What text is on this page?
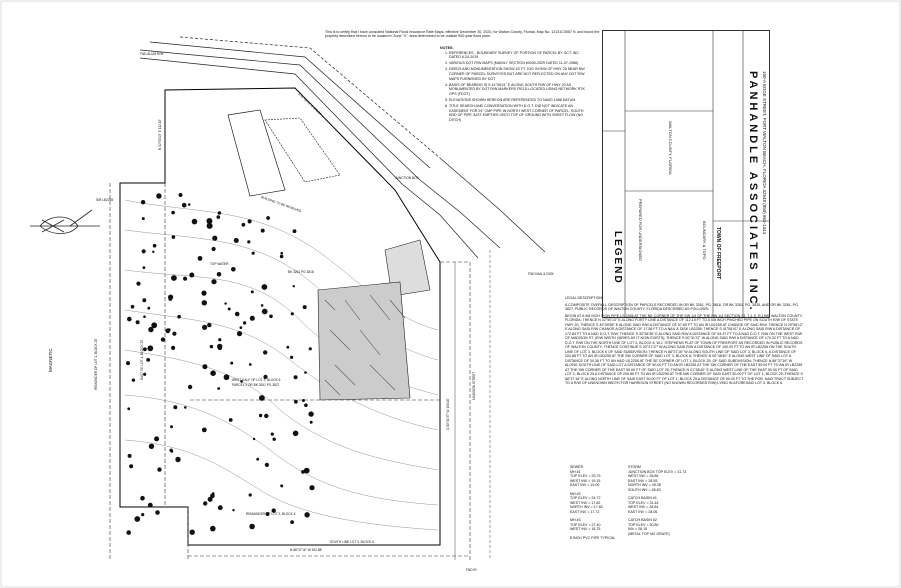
MAGNETIC
FND ALUM R/W
S 41°08'41" E 172.84'
N 02°50'13" E 112.15'
REMAINDER OF LOT 1, BLOCK 25	EAST 50' LOT 1, BLOCK 25
BK 3261 PG 3818
WEST HALF OF LOT 3, BLOCK 6
PARCEL 2 OR BK 3261 PG 3827
REMAINDER OF LOT 2, BLOCK 6
SOUTH LINE LOT 3, BLOCK 6
N 88°37'16" W 202.88'
S 00°31'37" W 190.00'
MADISON STREET
BUILDING TO BE REMOVED
JUNCTION BOX
TOP WATER
FND NAIL & DISK
FND IR
SIR LB2255
This is to certify that I have consulted National Flood Insurance Rate Maps, effective December 30, 2020, for Walton County, Florida, Map No. 12131C0557 H, and found the property described hereon to be located in Zone "X", area determined to be outside 500-year flood plain.
NOTES:
1. REFERENCES - BOUNDARY SURVEY OF PORTION OF PARCEL BY GCT, INC DATED 6-20-2019
2. VARIOUS DOT R/W MAPS (MAINLY SECTION 60030-2529 DATED 11-07-1986)
3. DEEDS AND MONUMENTATION SHOW 15' FT JOG IN R/W OF HWY 20 NEAR NW CORNER OF PARCEL SURVEYED BUT ARE NOT REFLECTED ON ANY DOT R/W MAPS FURNISHED BY DOT
4. BASIS OF BEARING IS S 41°08'41" E ALONG SOUTH R/W OF HWY 20 AS MONUMENTED BY DOT R/W MARKERS FIELD LOCATED USING NETWORK RTK GPS (FDOT)
5. ELEVATIONS SHOWN HEREON ARE REFERENCED TO NAVD 1988 DATUM
6. TITLE SEARCH AND CONVERSATION WITH D.O.T. DID NOT INDICATE AN EASEMENT FOR 24" CMP PIPE IN NORTH WEST CORNER OF PARCEL, SOUTH END OF PIPE JUST EMPTIES ONTO TOP OF GROUND WITH SHEET FLOW (NO DITCH)

LEGAL DESCRIPTION:

A COMPOSITE OVERALL DESCRIPTION OF PARCELS RECORDED IN OR BK 3261, PG. 3818, OR BK 3261, PG. 3835, AND OR BK 3261, PG. 3827, PUBLIC RECORDS OF WALTON COUNTY, FLORIDA DESCRIBED AS FOLLOWS:

BEGIN AT A 5/8 INCH IRON PIPE LS 2456 AT THE NE CORNER OF THE SW 1/4 OF THE NW 1/4 SECTION 23, T-1-S, R-19W, WALTON COUNTY, FLORIDA; THENCE N 02°50'13" E ALONG FORTY LINE A DISTANCE OF 112.15 FT TO A 5/8 INCH PINCHED PIPE ON SOUTH R/W OF STATE HWY 20; THENCE S 49°09'58" E ALONG SAID R/W A DISTANCE OF 57.65 FT TO AN IR LB2255 AT CHANGE OF SAID R/W; THENCE N 29°58'12" E ALONG SAID R/W CHANGE A DISTANCE OF 17.58 FT TO A NAIL & DISK LB2255; THENCE S 41°08'41" E ALONG SAID R/W A DISTANCE OF 172.84 FT TO A N&D D.O.T. R/W; THENCE S 30°38'36" E ALONG SAID R/W A DISTANCE OF 64.37 FT TO A N&D D.O.T. R/W ON THE WEST R/W OF MADISON ST. (R/W WIDTH VARIES AS IT NOW EXISTS); THENCE S 00°31'37" W ALONG SAID R/W A DISTANCE OF 170.32 FT TO A N&D D.O.T. R/W ON THE NORTH LINE OF LOT 3, BLOCK 6, W.J. STEPHENS PLAT OF TOWN OF FREEPORT AS RECORDED IN PUBLIC RECORDS OF WALTON COUNTY; THENCE CONTINUE S 00°31'37" W ALONG SAID R/W A DISTANCE OF 190.00 FT TO AN IR LB2255 ON THE SOUTH LINE OF LOT 3, BLOCK 6 OF SAID SUBDIVISION; THENCE N 88°37'16" W ALONG SOUTH LINE OF SAID LOT 3, BLOCK 6, A DISTANCE OF 202.88 FT TO AN IR LB2255 AT THE SW CORNER OF SAID LOT 3, BLOCK 6; THENCE N 00°38'40" E ALONG WEST LINE OF SAID LOT A DISTANCE OF 30.38 FT TO AN N&D LB 2255 AT THE SE CORNER OF LOT 1, BLOCK 25, OF SAID SUBDIVISION; THENCE N 88°37'16" W ALONG SOUTH LINE OF SAID LOT A DISTANCE OF 50.00 FT TO AN IR LB2255 AT THE SW CORNER OF THE EAST 50.00 FT TO AN IR LB2255 AT THE SW CORNER OF THE EAST 50.00 FT OF SAID LOT 25; THENCE N 01°38'40" E ALONG WEST LINE OF THE EAST 50.00 FT OF SAID LOT 1, BLOCK 25 A DISTANCE OF 209.89 FT TO AN IR LB2255 AT THE NW CORNER OF SAID EAST 50.00 FT OF LOT 1, BLOCK 25; THENCE S 88°37'16" E ALONG NORTH LINE OF SAID EAST 50.00 FT OF LOT 1, BLOCK 25 A DISTANCE OF 50.00 FT TO THE POB. SAID TRACT SUBJECT TO A R/W OF UNKNOWN WIDTH FOR HARRISON STREET (NO KNOWN RECORDED R/W) LYING IN AFORESAID LOT 3, BLOCK 6.

SEWER
MH #1
TOP ELEV = 25.75
WEST INV = 19.15
EAST INV = 19.00
MH #2
TOP ELEV = 24.72
WEST INV = 17.82
NORTH INV = 17.82
EAST INV = 17.72
MH #3
TOP ELEV = 27.40
WEST INV = 18.75
8 INCH PVC PIPE TYPICAL
STORM
JUNCTION BOX TOP ELEV = 31.73
WEST INV = 28.86
EAST INV = 28.55
NORTH INV = 28.38
SOUTH INV = 28.83
CATCH BASIN #1
TOP ELEV = 31.44
WEST INV = 28.84
EAST INV = 28.06
CATCH BASIN #2
TOP ELEV = 30.80
INV = 28.15
(METAL TOP NO GRATE)
LEGEND	PREPARED FOR UNDERSIGNED
WALTON COUNTY, FLORIDA
BOUNDARY & TOPO TOWN OF FREEPORT PANHANDLE ASSOCIATES INC. 150-A EDGE STREET, FORT WALTON BEACH, FLORIDA 32548 (850) 862-1344
